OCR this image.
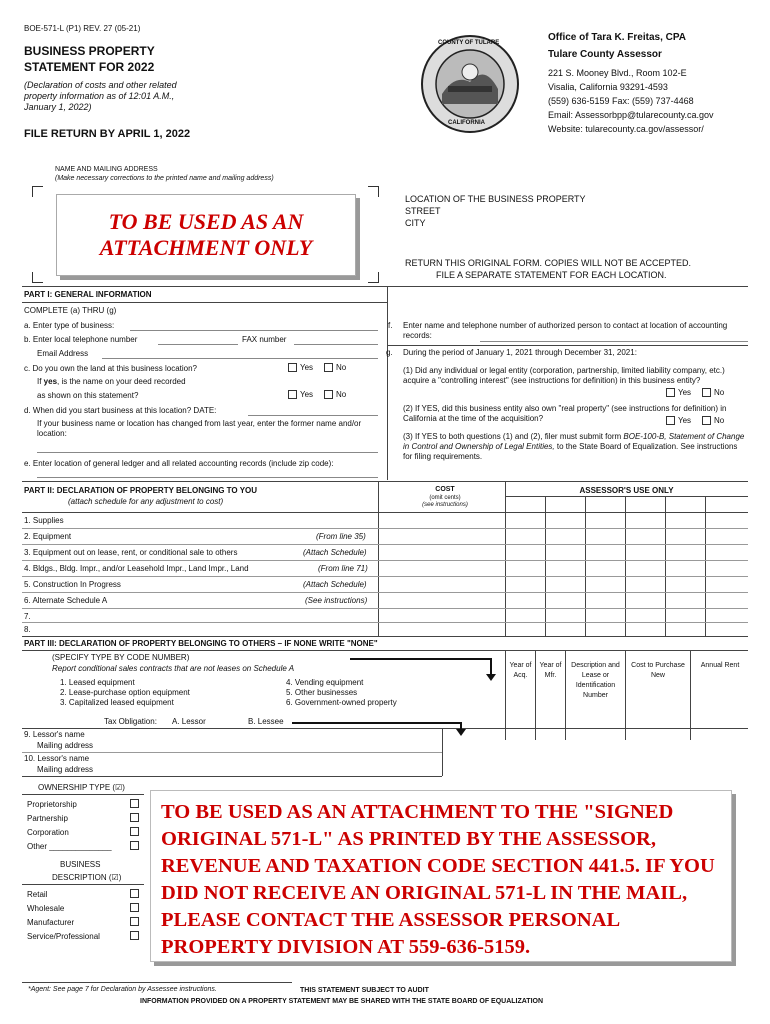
BOE-571-L (P1) REV. 27 (05-21)
BUSINESS PROPERTY
STATEMENT FOR 2022
(Declaration of costs and other related property information as of 12:01 A.M., January 1, 2022)
FILE RETURN BY APRIL 1, 2022
COUNTY OF TULARE
CALIFORNIA
Office of Tara K. Freitas, CPA
Tulare County Assessor
221 S. Mooney Blvd., Room 102-E
Visalia, California 93291-4593
(559) 636-5159 Fax: (559) 737-4468
Email: Assessorbpp@tularecounty.ca.gov
Website: tularecounty.ca.gov/assessor/
NAME AND MAILING ADDRESS
(Make necessary corrections to the printed name and mailing address)
TO BE USED AS AN
ATTACHMENT ONLY
LOCATION OF THE BUSINESS PROPERTY
STREET
CITY
RETURN THIS ORIGINAL FORM. COPIES WILL NOT BE ACCEPTED.
FILE A SEPARATE STATEMENT FOR EACH LOCATION.
PART I: GENERAL INFORMATION
COMPLETE (a) THRU (g)
a. Enter type of business:
b. Enter local telephone number	FAX number
Email Address
c. Do you own the land at this business location?	Yes	No
If yes, is the name on your deed recorded
as shown on this statement?	Yes	No
d. When did you start business at this location? DATE:
If your business name or location has changed from last year, enter the former name and/or location:
e. Enter location of general ledger and all related accounting records (include zip code):
f. Enter name and telephone number of authorized person to contact at location of accounting records:
g. During the period of January 1, 2021 through December 31, 2021:
(1) Did any individual or legal entity (corporation, partnership, limited liability company, etc.) acquire a "controlling interest" (see instructions for definition) in this business entity?
Yes	No
(2) If YES, did this business entity also own "real property" (see instructions for definition) in California at the time of the acquisition?	Yes	No
(3) If YES to both questions (1) and (2), filer must submit form BOE-100-B, Statement of Change in Control and Ownership of Legal Entities, to the State Board of Equalization. See instructions for filing requirements.
PART II: DECLARATION OF PROPERTY BELONGING TO YOU
(attach schedule for any adjustment to cost)
COST
(omit cents)
(see instructions)
ASSESSOR'S USE ONLY
1. Supplies
2. Equipment	(From line 35)
3. Equipment out on lease, rent, or conditional sale to others	(Attach Schedule)
4. Bldgs., Bldg. Impr., and/or Leasehold Impr., Land Impr., Land	(From line 71)
5. Construction In Progress	(Attach Schedule)
6. Alternate Schedule A	(See instructions)
7.
8.
PART III: DECLARATION OF PROPERTY BELONGING TO OTHERS – IF NONE WRITE "NONE"
(SPECIFY TYPE BY CODE NUMBER)
Report conditional sales contracts that are not leases on Schedule A
1. Leased equipment
2. Lease-purchase option equipment
3. Capitalized leased equipment
4. Vending equipment
5. Other businesses
6. Government-owned property
Year of Acq.
Year of Mfr.
Description and Lease or Identification Number
Cost to Purchase New
Annual Rent
Tax Obligation: A. Lessor	B. Lessee
9. Lessor's name
Mailing address
10. Lessor's name
Mailing address
OWNERSHIP TYPE (☑)
Proprietorship
Partnership
Corporation
Other ______________
BUSINESS
DESCRIPTION (☑)
Retail
Wholesale
Manufacturer
Service/Professional
TO BE USED AS AN ATTACHMENT TO THE "SIGNED ORIGINAL 571-L" AS PRINTED BY THE ASSESSOR, REVENUE AND TAXATION CODE SECTION 441.5. IF YOU DID NOT RECEIVE AN ORIGINAL 571-L IN THE MAIL, PLEASE CONTACT THE ASSESSOR PERSONAL PROPERTY DIVISION AT 559-636-5159.
*Agent: See page 7 for Declaration by Assessee instructions.	THIS STATEMENT SUBJECT TO AUDIT
INFORMATION PROVIDED ON A PROPERTY STATEMENT MAY BE SHARED WITH THE STATE BOARD OF EQUALIZATION
